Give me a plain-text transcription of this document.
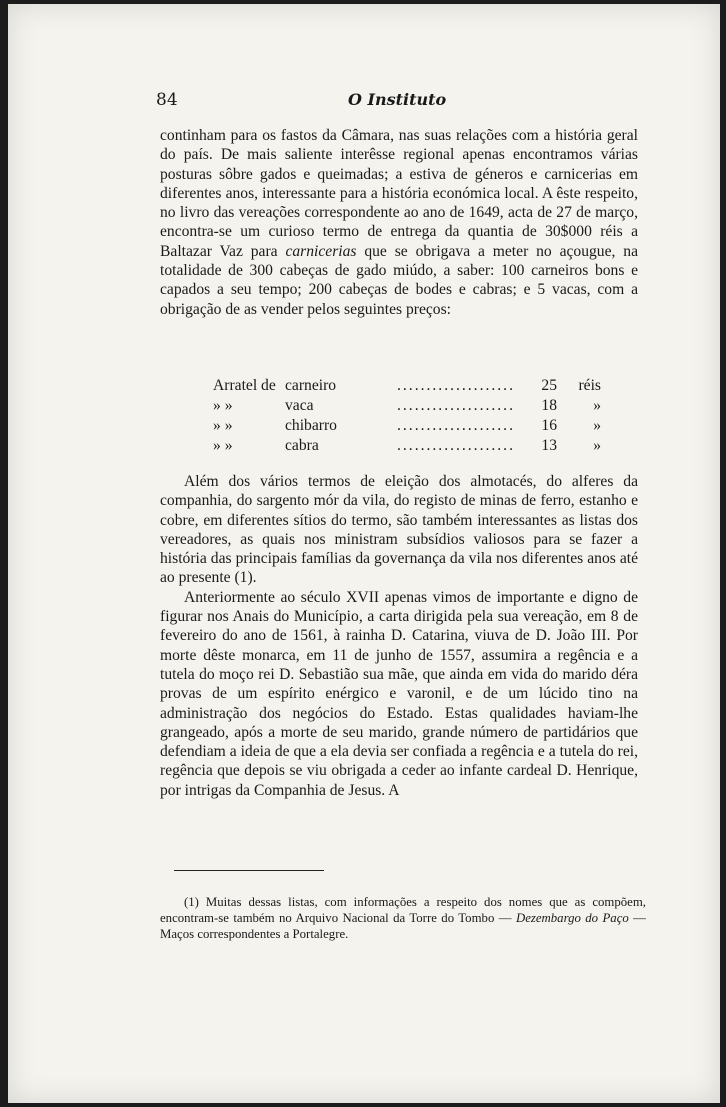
84	O Instituto

continham para os fastos da Câmara, nas suas relações com a história geral do país. De mais saliente interêsse regional apenas encontramos várias posturas sôbre gados e queimadas; a estiva de géneros e carnicerias em diferentes anos, interessante para a história económica local. A êste respeito, no livro das vereações correspondente ao ano de 1649, acta de 27 de março, encontra-se um curioso termo de entrega da quantia de 30$000 réis a Baltazar Vaz para carnicerias que se obrigava a meter no açougue, na totalidade de 300 cabeças de gado miúdo, a saber: 100 carneiros bons e capados a seu tempo; 200 cabeças de bodes e cabras; e 5 vacas, com a obrigação de as vender pelos seguintes preços:

Arratel de carneiro	....................	25	réis
» »	vaca	....................	18	»
» »	chibarro	....................	16	»
» »	cabra	....................	13	»

Além dos vários termos de eleição dos almotacés, do alferes da companhia, do sargento mór da vila, do registo de minas de ferro, estanho e cobre, em diferentes sítios do termo, são também interessantes as listas dos vereadores, as quais nos ministram subsídios valiosos para se fazer a história das principais famílias da governança da vila nos diferentes anos até ao presente (1).

Anteriormente ao século XVII apenas vimos de importante e digno de figurar nos Anais do Município, a carta dirigida pela sua vereação, em 8 de fevereiro do ano de 1561, à rainha D. Catarina, viuva de D. João III. Por morte dêste monarca, em 11 de junho de 1557, assumira a regência e a tutela do moço rei D. Sebastião sua mãe, que ainda em vida do marido déra provas de um espírito enérgico e varonil, e de um lúcido tino na administração dos negócios do Estado. Estas qualidades haviam-lhe grangeado, após a morte de seu marido, grande número de partidários que defendiam a ideia de que a ela devia ser confiada a regência e a tutela do rei, regência que depois se viu obrigada a ceder ao infante cardeal D. Henrique, por intrigas da Companhia de Jesus. A

(1) Muitas dessas listas, com informações a respeito dos nomes que as compõem, encontram-se também no Arquivo Nacional da Torre do Tombo — Dezembargo do Paço — Maços correspondentes a Portalegre.
